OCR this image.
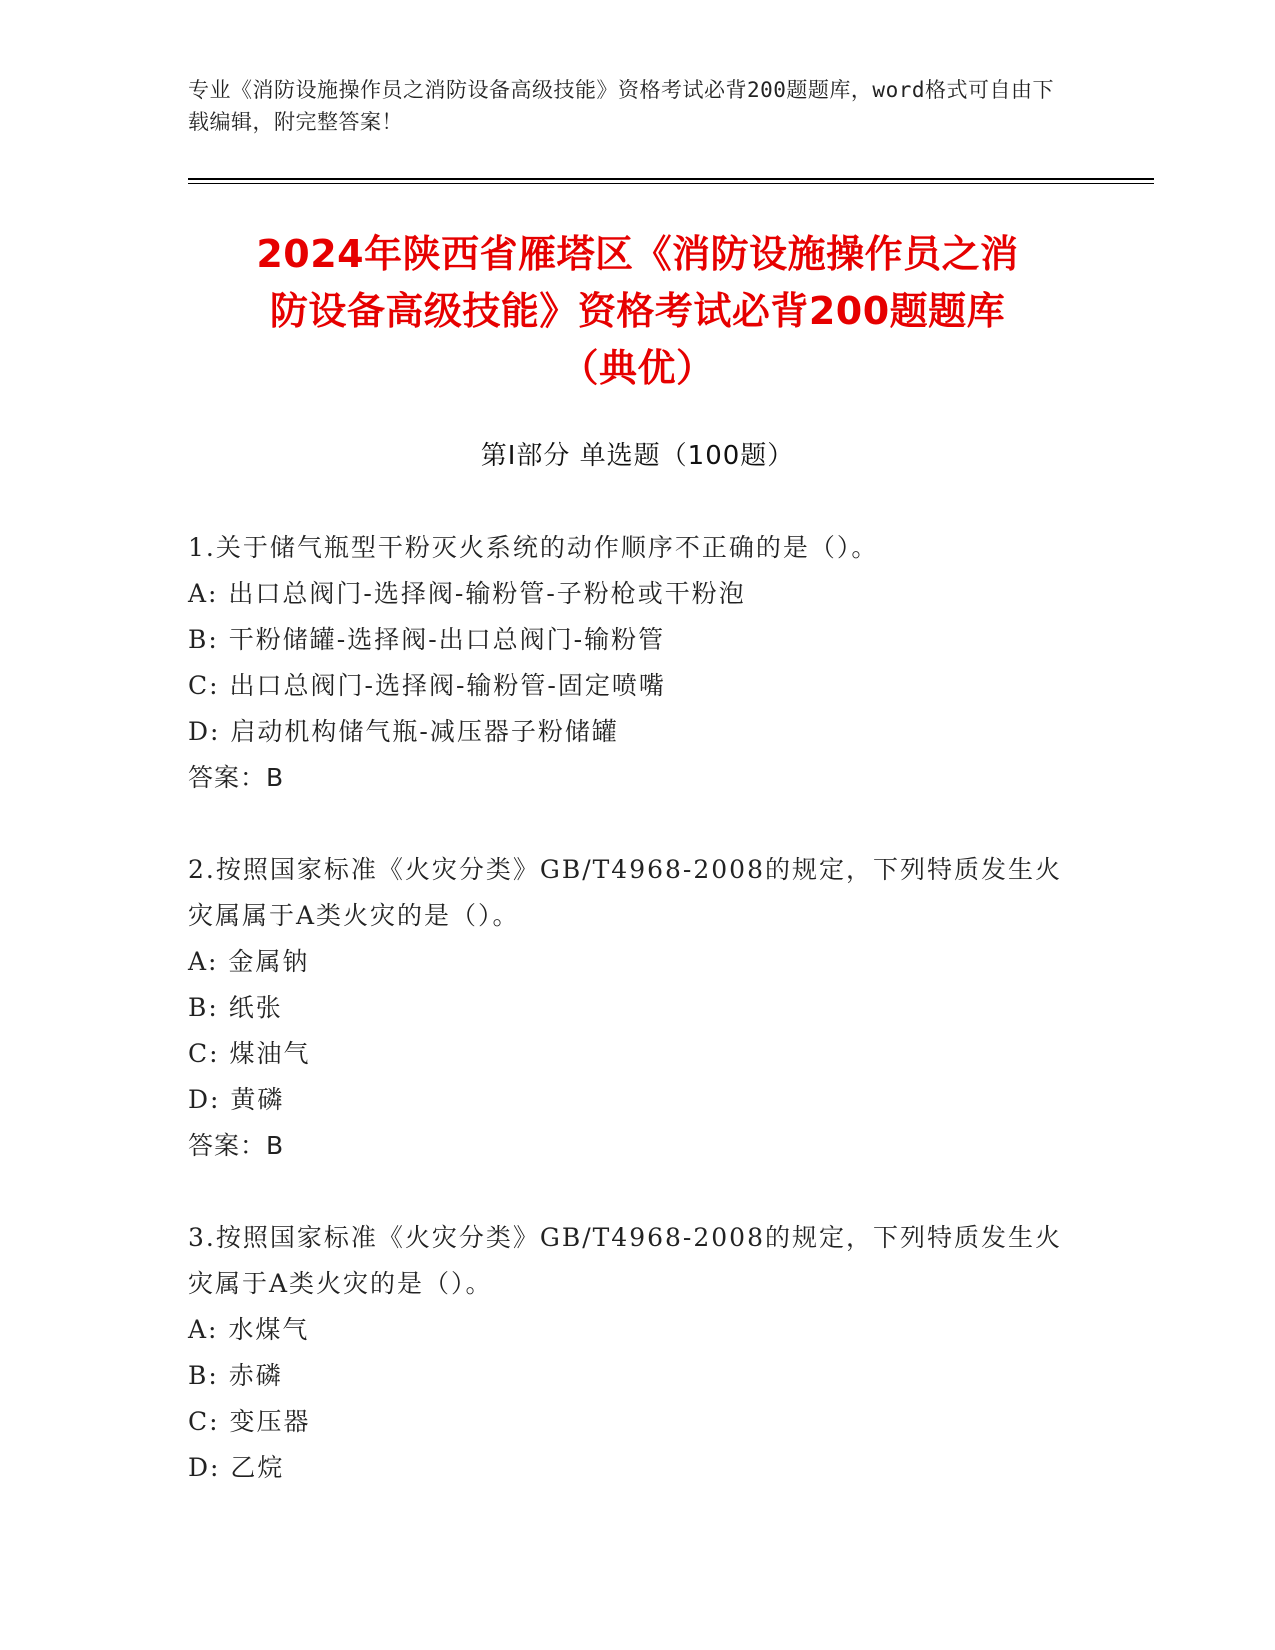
专业《消防设施操作员之消防设备高级技能》资格考试必背200题题库，word格式可自由下载编辑，附完整答案！
2024年陕西省雁塔区《消防设施操作员之消
防设备高级技能》资格考试必背200题题库
（典优）
第Ⅰ部分 单选题（100题）
1.关于储气瓶型干粉灭火系统的动作顺序不正确的是（）。
A: 出口总阀门-选择阀-输粉管-子粉枪或干粉泡
B: 干粉储罐-选择阀-出口总阀门-输粉管
C: 出口总阀门-选择阀-输粉管-固定喷嘴
D: 启动机构储气瓶-减压器子粉储罐
答案：B
2.按照国家标准《火灾分类》GB/T4968-2008的规定，下列特质发生火灾属属于A类火灾的是（）。
A: 金属钠
B: 纸张
C: 煤油气
D: 黄磷
答案：B
3.按照国家标准《火灾分类》GB/T4968-2008的规定，下列特质发生火灾属于A类火灾的是（）。
A: 水煤气
B: 赤磷
C: 变压器
D: 乙烷
